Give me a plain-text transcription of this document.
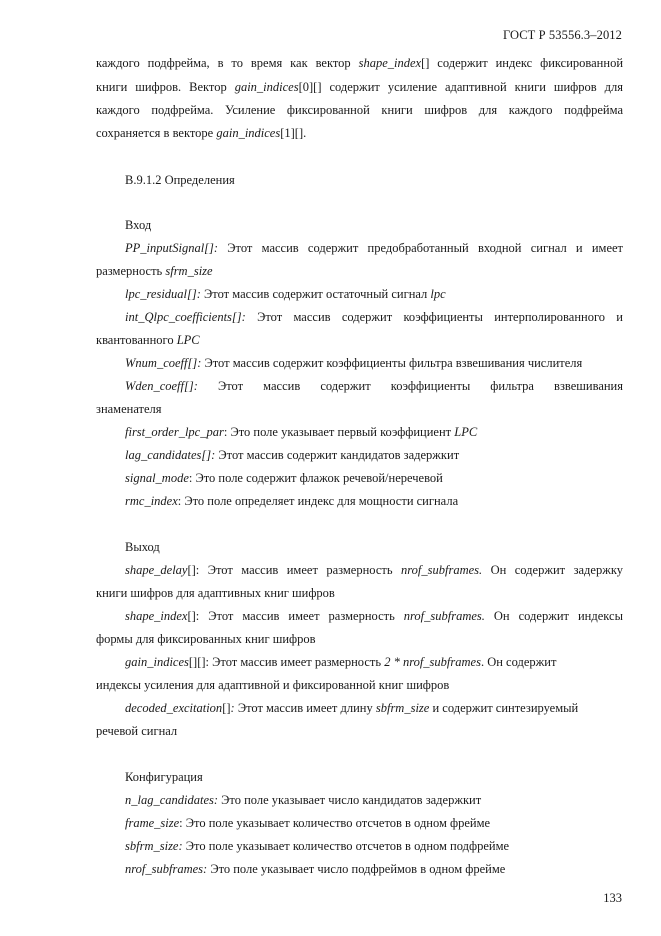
ГОСТ Р 53556.3–2012
каждого подфрейма, в то время как вектор shape_index[] содержит индекс фиксированной
книги шифров. Вектор gain_indices[0][] содержит усиление адаптивной книги шифров для
каждого подфрейма. Усиление фиксированной книги шифров для каждого подфрейма
сохраняется в векторе gain_indices[1][].
B.9.1.2 Определения
Вход
PP_inputSignal[]: Этот массив содержит предобработанный входной сигнал и имеет
размерность sfrm_size
lpc_residual[]: Этот массив содержит остаточный сигнал lpc
int_Qlpc_coefficients[]: Этот массив содержит коэффициенты интерполированного и
квантованного LPC
Wnum_coeff[]: Этот массив содержит коэффициенты фильтра взвешивания числителя
Wden_coeff[]: Этот массив содержит коэффициенты фильтра взвешивания
знаменателя
first_order_lpc_par: Это поле указывает первый коэффициент LPC
lag_candidates[]: Этот массив содержит кандидатов задержкит
signal_mode: Это поле содержит флажок речевой/неречевой
rmc_index: Это поле определяет индекс для мощности сигнала
Выход
shape_delay[]: Этот массив имеет размерность nrof_subframes. Он содержит задержку
книги шифров для адаптивных книг шифров
shape_index[]: Этот массив имеет размерность nrof_subframes. Он содержит индексы
формы для фиксированных книг шифров
gain_indices[][]: Этот массив имеет размерность 2 * nrof_subframes. Он содержит
индексы усиления для адаптивной и фиксированной книг шифров
decoded_excitation[]: Этот массив имеет длину sbfrm_size и содержит синтезируемый
речевой сигнал
Конфигурация
n_lag_candidates: Это поле указывает число кандидатов задержкит
frame_size: Это поле указывает количество отсчетов в одном фрейме
sbfrm_size: Это поле указывает количество отсчетов в одном подфрейме
nrof_subframes: Это поле указывает число подфреймов в одном фрейме
133
